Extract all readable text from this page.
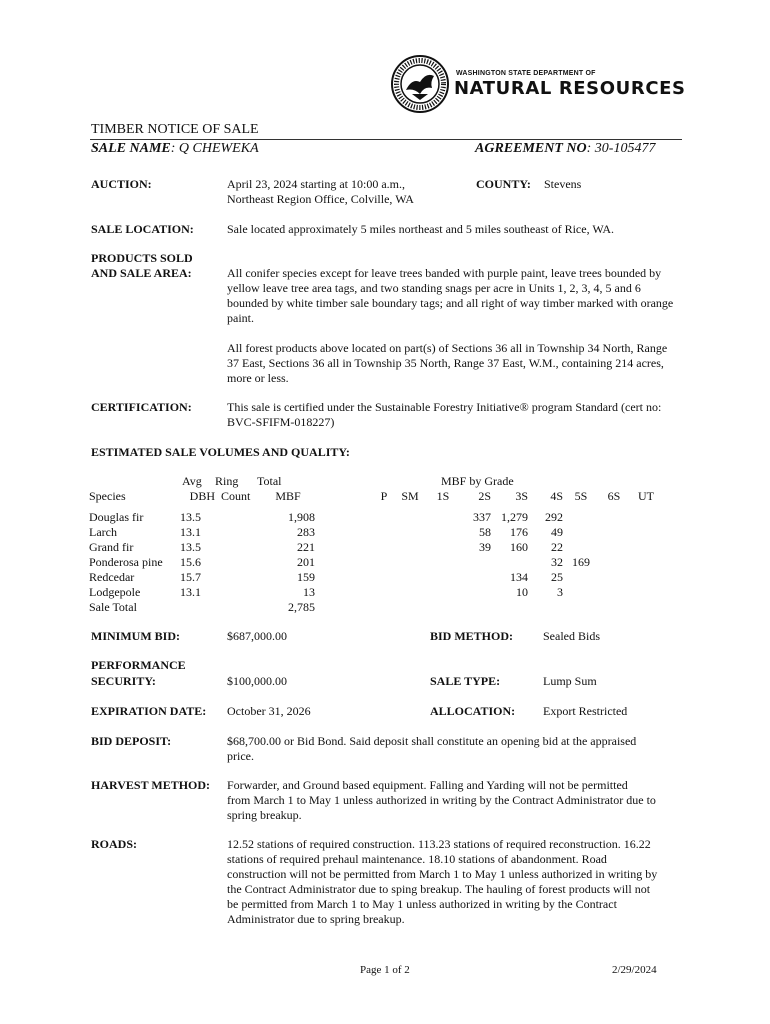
WASHINGTON STATE DEPARTMENT OF
NATURAL RESOURCES
TIMBER NOTICE OF SALE
SALE NAME: Q CHEWEKA	AGREEMENT NO: 30-105477
AUCTION:	April 23, 2024 starting at 10:00 a.m.,
Northeast Region Office, Colville, WA
COUNTY: Stevens
SALE LOCATION:	Sale located approximately 5 miles northeast and 5 miles southeast of Rice, WA.
PRODUCTS SOLD
AND SALE AREA:	All conifer species except for leave trees banded with purple paint, leave trees bounded by yellow leave tree area tags, and two standing snags per acre in Units 1, 2, 3, 4, 5 and 6 bounded by white timber sale boundary tags; and all right of way timber marked with orange paint.
All forest products above located on part(s) of Sections 36 all in Township 34 North, Range 37 East, Sections 36 all in Township 35 North, Range 37 East, W.M., containing 214 acres, more or less.
CERTIFICATION:	This sale is certified under the Sustainable Forestry Initiative® program Standard (cert no: BVC-SFIFM-018227)
ESTIMATED SALE VOLUMES AND QUALITY:
Avg Ring Total	MBF by Grade
Species	DBH	Count	MBF		P	SM	1S	2S	3S	4S	5S	6S	UT

Douglas fir	13.5		1,908					337	1,279	292			
Larch	13.1		283					58	176	49			
Grand fir	13.5		221					39	160	22			
Ponderosa pine	15.6		201							32	169		
Redcedar	15.7		159						134	25			
Lodgepole	13.1		13						10	3			
Sale Total			2,785										
MINIMUM BID:	$687,000.00	BID METHOD: Sealed Bids
PERFORMANCE
SECURITY:	$100,000.00	SALE TYPE:	Lump Sum
EXPIRATION DATE: October 31, 2026	ALLOCATION: Export Restricted
BID DEPOSIT:	$68,700.00 or Bid Bond. Said deposit shall constitute an opening bid at the appraised
price.
HARVEST METHOD: Forwarder, and Ground based equipment. Falling and Yarding will not be permitted
from March 1 to May 1 unless authorized in writing by the Contract Administrator due to
spring breakup.
ROADS:	12.52 stations of required construction. 113.23 stations of required reconstruction. 16.22
stations of required prehaul maintenance. 18.10 stations of abandonment. Road
construction will not be permitted from March 1 to May 1 unless authorized in writing by
the Contract Administrator due to sping breakup. The hauling of forest products will not
be permitted from March 1 to May 1 unless authorized in writing by the Contract
Administrator due to spring breakup.
Page 1 of 2	2/29/2024
